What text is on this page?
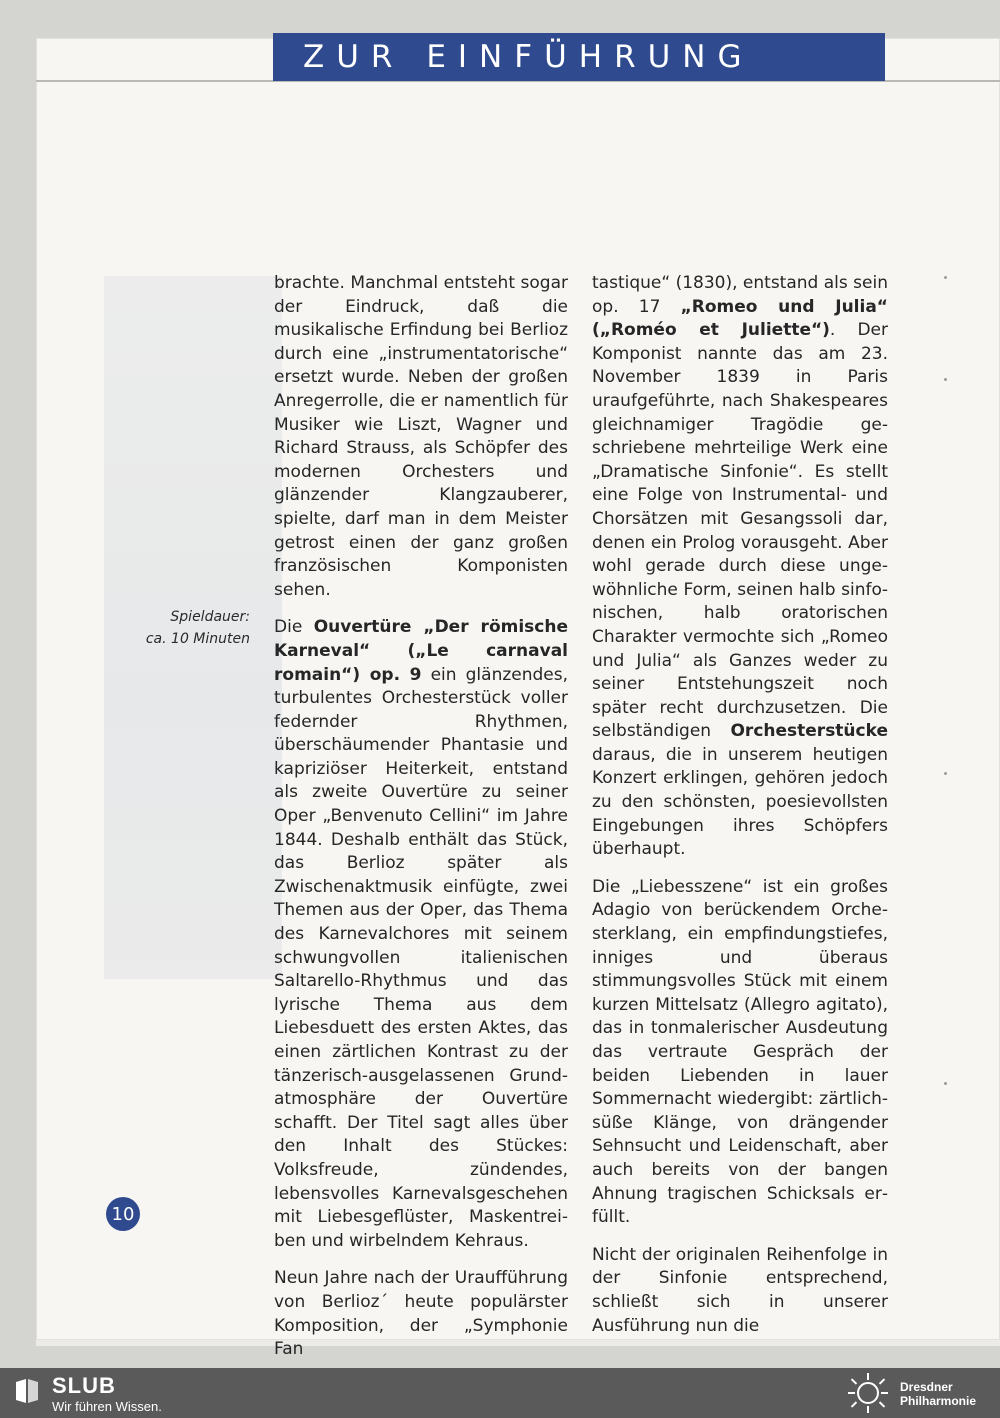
ZUR EINFÜHRUNG
Spieldauer:
ca. 10 Minuten

brachte. Manchmal entsteht sogar der Eindruck, daß die musikalische Erfindung bei Berlioz durch eine „instrumentatorische“ ersetzt wurde. Neben der großen Anregerrolle, die er namentlich für Musiker wie Liszt, Wagner und Richard Strauss, als Schöpfer des modernen Orchesters und glänzender Klangzauberer, spielte, darf man in dem Meister getrost einen der ganz großen französischen Komponisten sehen.

Die Ouvertüre „Der römische Karneval“ („Le carnaval romain“) op. 9 ein glänzendes, turbulentes Orchesterstück voller federnder Rhythmen, überschäumender Phantasie und kapriziöser Heiterkeit, entstand als zweite Ouvertüre zu seiner Oper „Benvenuto Cellini“ im Jahre 1844. Deshalb enthält das Stück, das Berlioz später als Zwischenaktmusik einfügte, zwei Themen aus der Oper, das Thema des Karnevalchores mit seinem schwungvollen italienischen Saltarello-Rhythmus und das lyrische Thema aus dem Liebesduett des ersten Aktes, das einen zärtlichen Kontrast zu der tänzerisch-ausgelassenen Grundatmosphäre der Ouvertüre schafft. Der Titel sagt alles über den Inhalt des Stückes: Volksfreude, zündendes, lebensvolles Karnevalsgeschehen mit Liebesgeflüster, Maskentreiben und wirbelndem Kehraus.

Neun Jahre nach der Uraufführung von Berlioz´ heute populärster Komposition, der „Symphonie Fan

tastique“ (1830), entstand als sein op. 17 „Romeo und Julia“ („Roméo et Juliette“). Der Komponist nannte das am 23. November 1839 in Paris uraufgeführte, nach Shakespeares gleichnamiger Tragödie geschriebene mehrteilige Werk eine „Dramatische Sinfonie“. Es stellt eine Folge von Instrumental- und Chorsätzen mit Gesangssoli dar, denen ein Prolog vorausgeht. Aber wohl gerade durch diese ungewöhnliche Form, seinen halb sinfonischen, halb oratorischen Charakter vermochte sich „Romeo und Julia“ als Ganzes weder zu seiner Entstehungszeit noch später recht durchzusetzen. Die selbständigen Orchesterstücke daraus, die in unserem heutigen Konzert erklingen, gehören jedoch zu den schönsten, poesievollsten Eingebungen ihres Schöpfers überhaupt.

Die „Liebesszene“ ist ein großes Adagio von berückendem Orchesterklang, ein empfindungstiefes, inniges und überaus stimmungsvolles Stück mit einem kurzen Mittelsatz (Allegro agitato), das in tonmalerischer Ausdeutung das vertraute Gespräch der beiden Liebenden in lauer Sommernacht wiedergibt: zärtlich-süße Klänge, von drängender Sehnsucht und Leidenschaft, aber auch bereits von der bangen Ahnung tragischen Schicksals erfüllt.

Nicht der originalen Reihenfolge in der Sinfonie entsprechend, schließt sich in unserer Ausführung nun die

10
SLUB
Wir führen Wissen.
Dresdner
Philharmonie
